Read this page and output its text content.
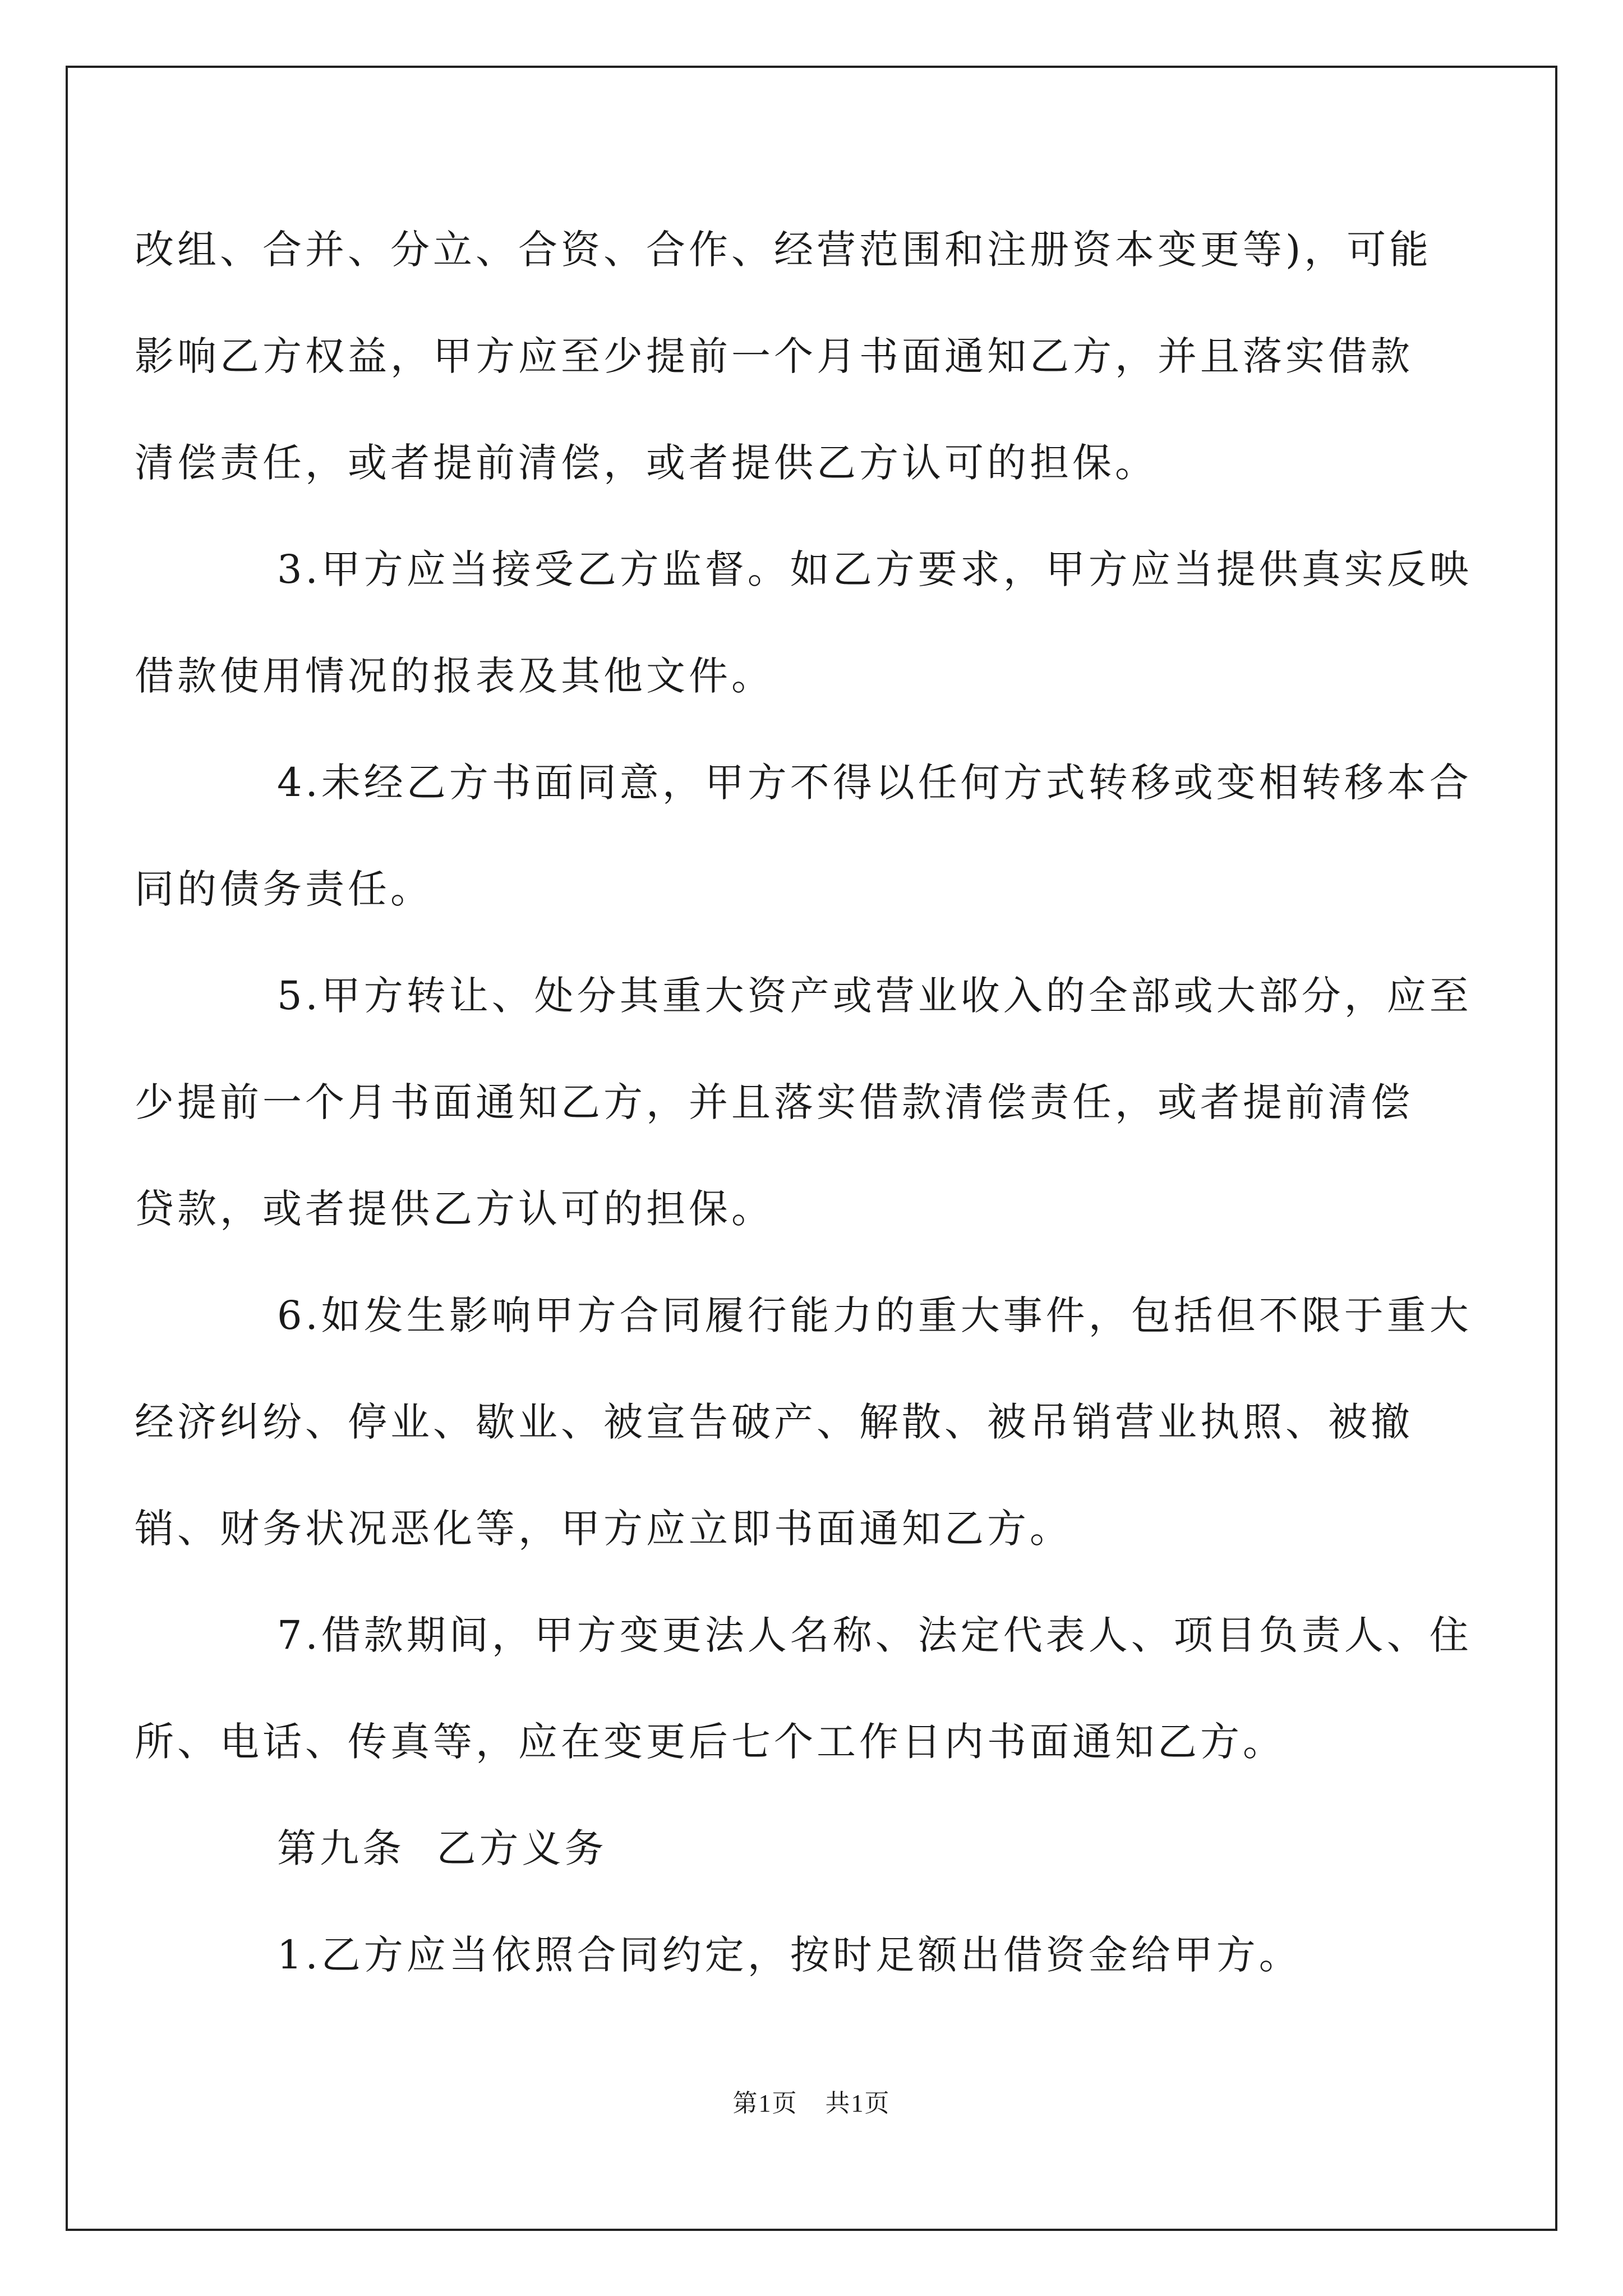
改组、合并、分立、合资、合作、经营范围和注册资本变更等)，可能
影响乙方权益，甲方应至少提前一个月书面通知乙方，并且落实借款
清偿责任，或者提前清偿，或者提供乙方认可的担保。
3.甲方应当接受乙方监督。如乙方要求，甲方应当提供真实反映
借款使用情况的报表及其他文件。
4.未经乙方书面同意，甲方不得以任何方式转移或变相转移本合
同的债务责任。
5.甲方转让、处分其重大资产或营业收入的全部或大部分，应至
少提前一个月书面通知乙方，并且落实借款清偿责任，或者提前清偿
贷款，或者提供乙方认可的担保。
6.如发生影响甲方合同履行能力的重大事件，包括但不限于重大
经济纠纷、停业、歇业、被宣告破产、解散、被吊销营业执照、被撤
销、财务状况恶化等，甲方应立即书面通知乙方。
7.借款期间，甲方变更法人名称、法定代表人、项目负责人、住
所、电话、传真等，应在变更后七个工作日内书面通知乙方。
第九条  乙方义务
1.乙方应当依照合同约定，按时足额出借资金给甲方。
第1页 共1页
